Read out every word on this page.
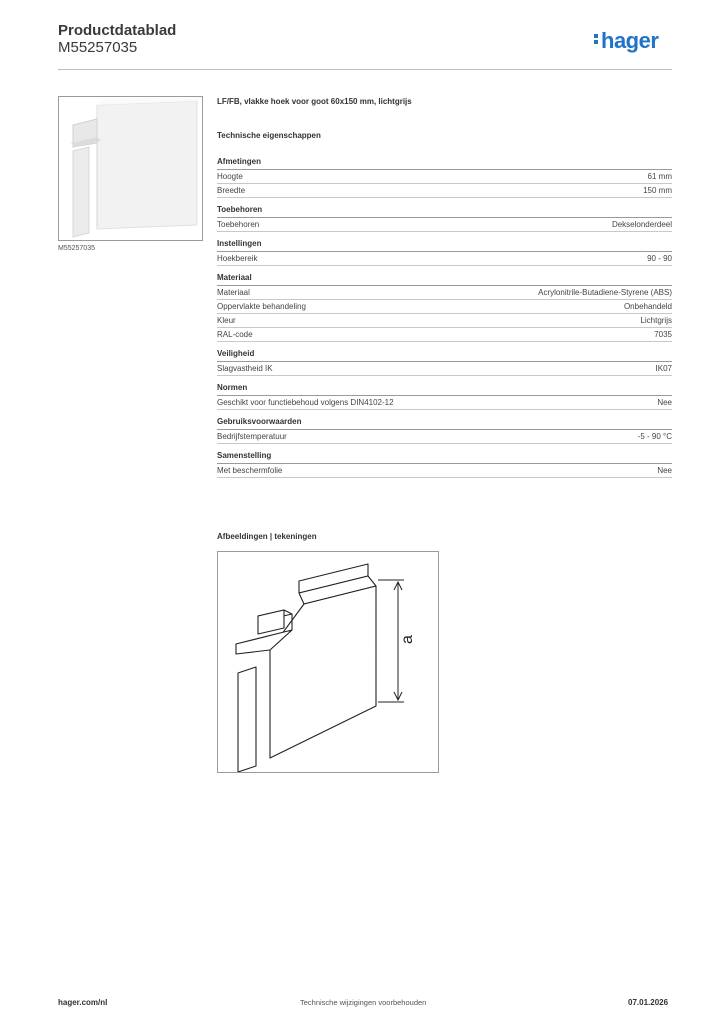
Productdatablad
M55257035	hager
M55257035
LF/FB, vlakke hoek voor goot 60x150 mm, lichtgrijs
Technische eigenschappen
Afmetingen
Hoogte	61 mm
Breedte	150 mm
Toebehoren
Toebehoren	Dekselonderdeel
Instellingen
Hoekbereik	90 - 90
Materiaal
Materiaal	Acrylonitrile-Butadiene-Styrene (ABS)
Oppervlakte behandeling	Onbehandeld
Kleur	Lichtgrijs
RAL-code	7035
Veiligheid
Slagvastheid IK	IK07
Normen
Geschikt voor functiebehoud volgens DIN4102-12	Nee
Gebruiksvoorwaarden
Bedrijfstemperatuur	-5 - 90 °C
Samenstelling
Met beschermfolie	Nee
Afbeeldingen | tekeningen
a
hager.com/nl	Technische wijzigingen voorbehouden	07.01.2026
